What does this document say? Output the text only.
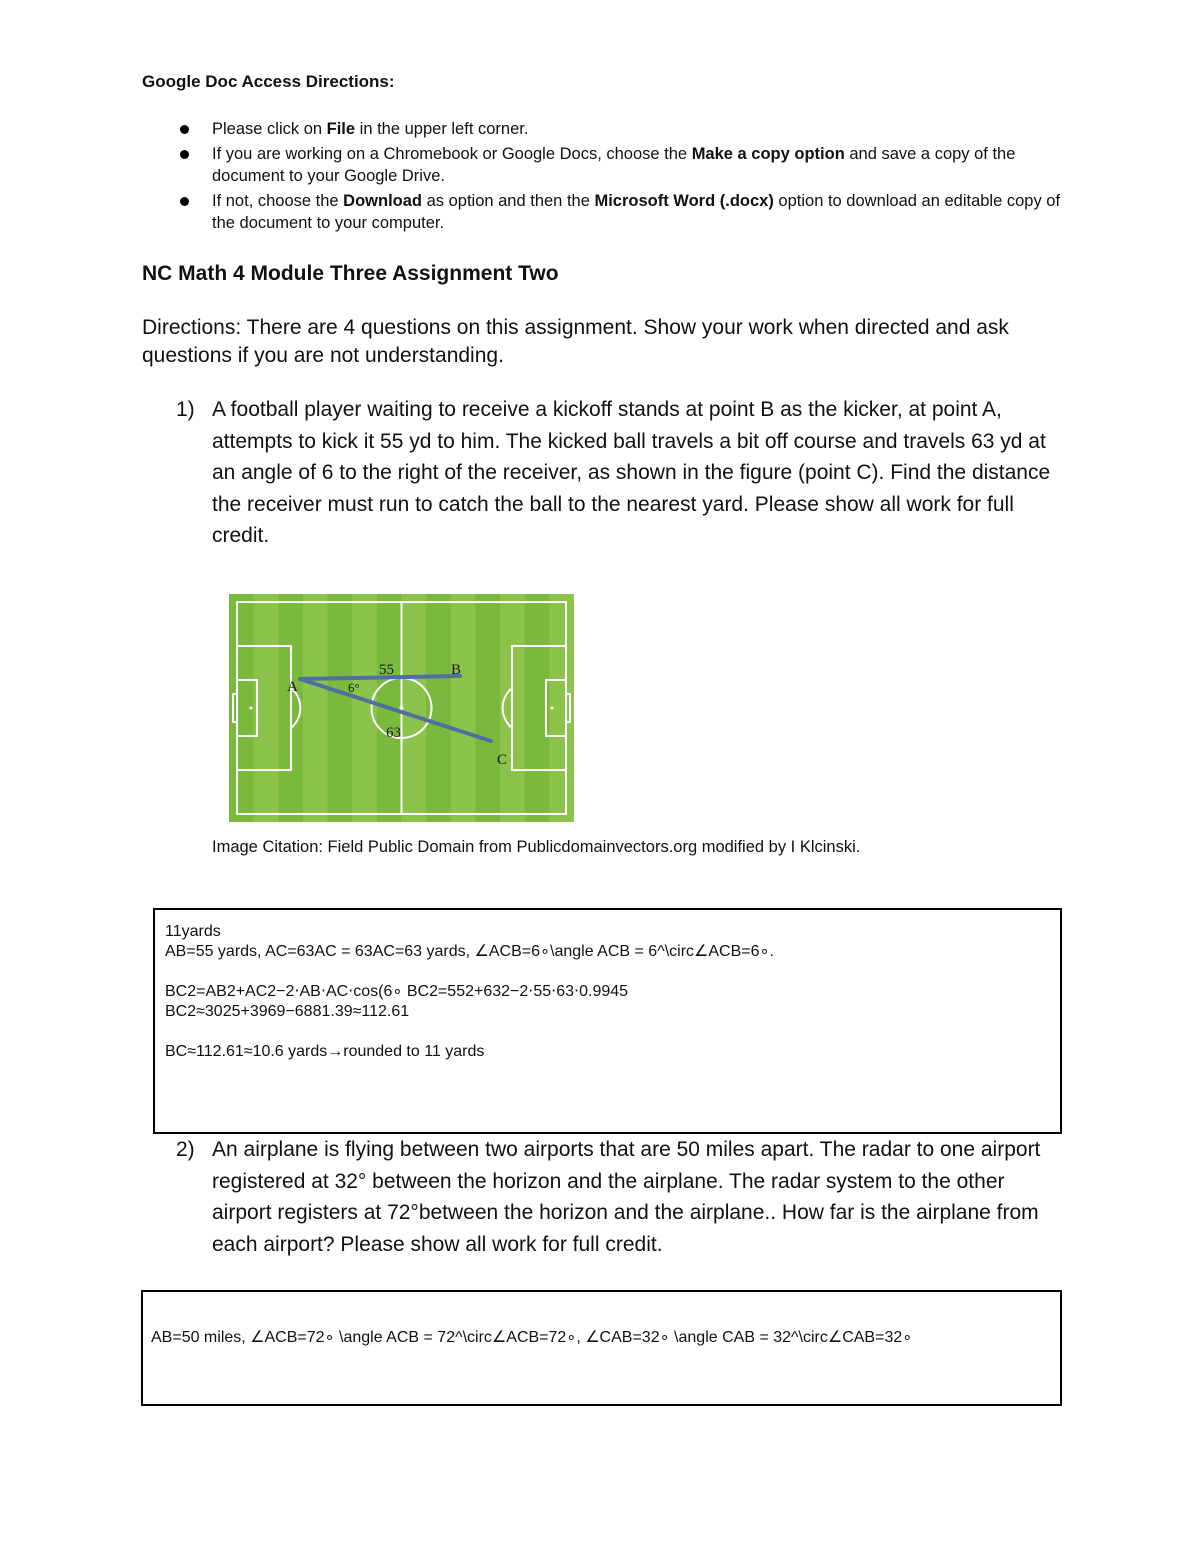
Google Doc Access Directions:
Please click on File in the upper left corner.
If you are working on a Chromebook or Google Docs, choose the Make a copy option and save a copy of the document to your Google Drive.
If not, choose the Download as option and then the Microsoft Word (.docx) option to download an editable copy of the document to your computer.
NC Math 4 Module Three Assignment Two
Directions: There are 4 questions on this assignment. Show your work when directed and ask questions if you are not understanding.
1) A football player waiting to receive a kickoff stands at point B as the kicker, at point A, attempts to kick it 55 yd to him. The kicked ball travels a bit off course and travels 63 yd at an angle of 6 to the right of the receiver, as shown in the figure (point C). Find the distance the receiver must run to catch the ball to the nearest yard. Please show all work for full credit.
A
B
C
55
63
6°
Image Citation: Field Public Domain from Publicdomainvectors.org modified by I Klcinski.

11yards

AB=55 yards, AC=63AC = 63AC=63 yards, ∠ACB=6∘\angle ACB = 6^\circ∠ACB=6∘.

BC2=AB2+AC2−2⋅AB⋅AC⋅cos(6∘ BC2=552+632−2⋅55⋅63⋅0.9945

BC2≈3025+3969−6881.39≈112.61

BC≈112.61≈10.6 yards→rounded to 11 yards

2) An airplane is flying between two airports that are 50 miles apart. The radar to one airport registered at 32° between the horizon and the airplane. The radar system to the other airport registers at 72°between the horizon and the airplane.. How far is the airplane from each airport? Please show all work for full credit.

AB=50 miles, ∠ACB=72∘ \angle ACB = 72^\circ∠ACB=72∘, ∠CAB=32∘ \angle CAB = 32^\circ∠CAB=32∘
